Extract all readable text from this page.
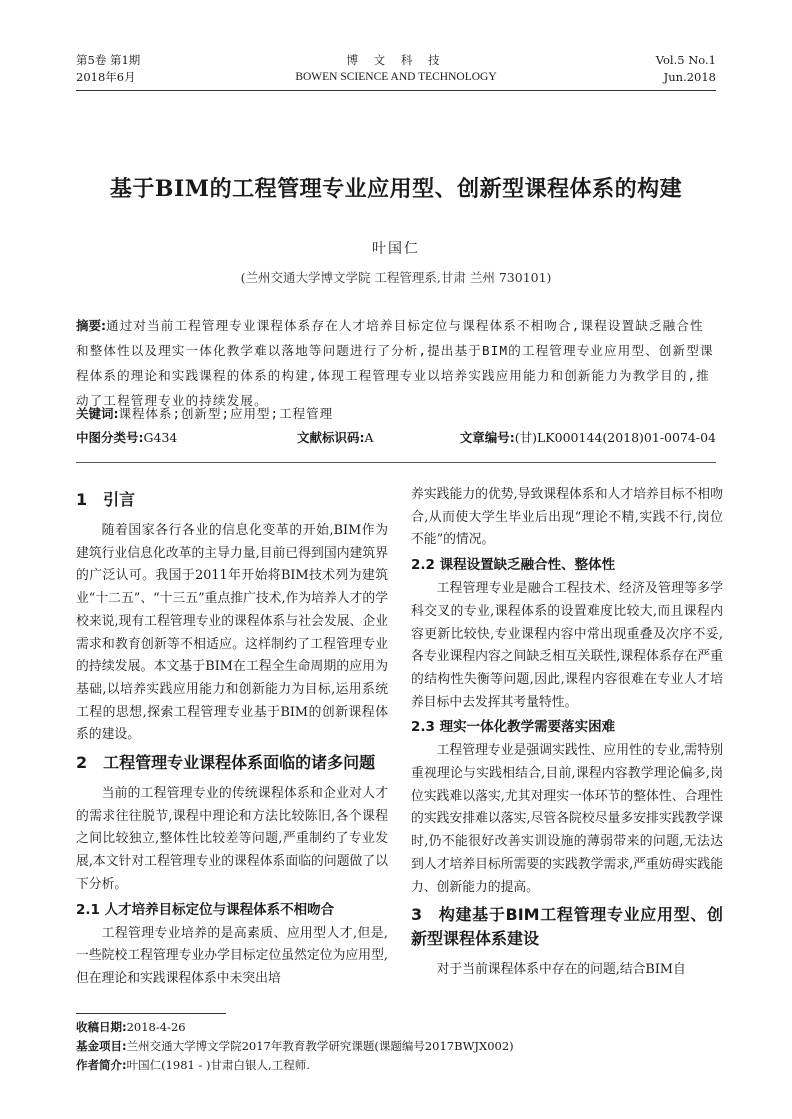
第5卷 第1期
2018年6月
博 文 科 技
BOWEN SCIENCE AND TECHNOLOGY
Vol.5 No.1
Jun.2018
基于BIM的工程管理专业应用型、创新型课程体系的构建
叶国仁
(兰州交通大学博文学院 工程管理系,甘肃 兰州 730101)
摘要:通过对当前工程管理专业课程体系存在人才培养目标定位与课程体系不相吻合,课程设置缺乏融合性和整体性以及理实一体化教学难以落地等问题进行了分析,提出基于BIM的工程管理专业应用型、创新型课程体系的理论和实践课程的体系的构建,体现工程管理专业以培养实践应用能力和创新能力为教学目的,推动了工程管理专业的持续发展。
关键词:课程体系;创新型;应用型;工程管理
中图分类号:G434	文献标识码:A	文章编号:(甘)LK000144(2018)01-0074-04
1 引言

随着国家各行各业的信息化变革的开始,BIM作为建筑行业信息化改革的主导力量,目前已得到国内建筑界的广泛认可。我国于2011年开始将BIM技术列为建筑业“十二五”、“十三五”重点推广技术,作为培养人才的学校来说,现有工程管理专业的课程体系与社会发展、企业需求和教育创新等不相适应。这样制约了工程管理专业的持续发展。本文基于BIM在工程全生命周期的应用为基础,以培养实践应用能力和创新能力为目标,运用系统工程的思想,探索工程管理专业基于BIM的创新课程体系的建设。

2 工程管理专业课程体系面临的诸多问题

当前的工程管理专业的传统课程体系和企业对人才的需求往往脱节,课程中理论和方法比较陈旧,各个课程之间比较独立,整体性比较差等问题,严重制约了专业发展,本文针对工程管理专业的课程体系面临的问题做了以下分析。

2.1 人才培养目标定位与课程体系不相吻合

工程管理专业培养的是高素质、应用型人才,但是,一些院校工程管理专业办学目标定位虽然定位为应用型,但在理论和实践课程体系中未突出培

养实践能力的优势,导致课程体系和人才培养目标不相吻合,从而使大学生毕业后出现“理论不精,实践不行,岗位不能”的情况。

2.2 课程设置缺乏融合性、整体性

工程管理专业是融合工程技术、经济及管理等多学科交叉的专业,课程体系的设置难度比较大,而且课程内容更新比较快,专业课程内容中常出现重叠及次序不妥,各专业课程内容之间缺乏相互关联性,课程体系存在严重的结构性失衡等问题,因此,课程内容很难在专业人才培养目标中去发挥其考量特性。

2.3 理实一体化教学需要落实困难

工程管理专业是强调实践性、应用性的专业,需特别重视理论与实践相结合,目前,课程内容教学理论偏多,岗位实践难以落实,尤其对理实一体环节的整体性、合理性的实践安排难以落实,尽管各院校尽量多安排实践教学课时,仍不能很好改善实训设施的薄弱带来的问题,无法达到人才培养目标所需要的实践教学需求,严重妨碍实践能力、创新能力的提高。

3 构建基于BIM工程管理专业应用型、创新型课程体系建设

对于当前课程体系中存在的问题,结合BIM自

收稿日期:2018-4-26
基金项目:兰州交通大学博文学院2017年教育教学研究课题(课题编号2017BWJX002)
作者简介:叶国仁(1981 - )甘肃白银人,工程师.
